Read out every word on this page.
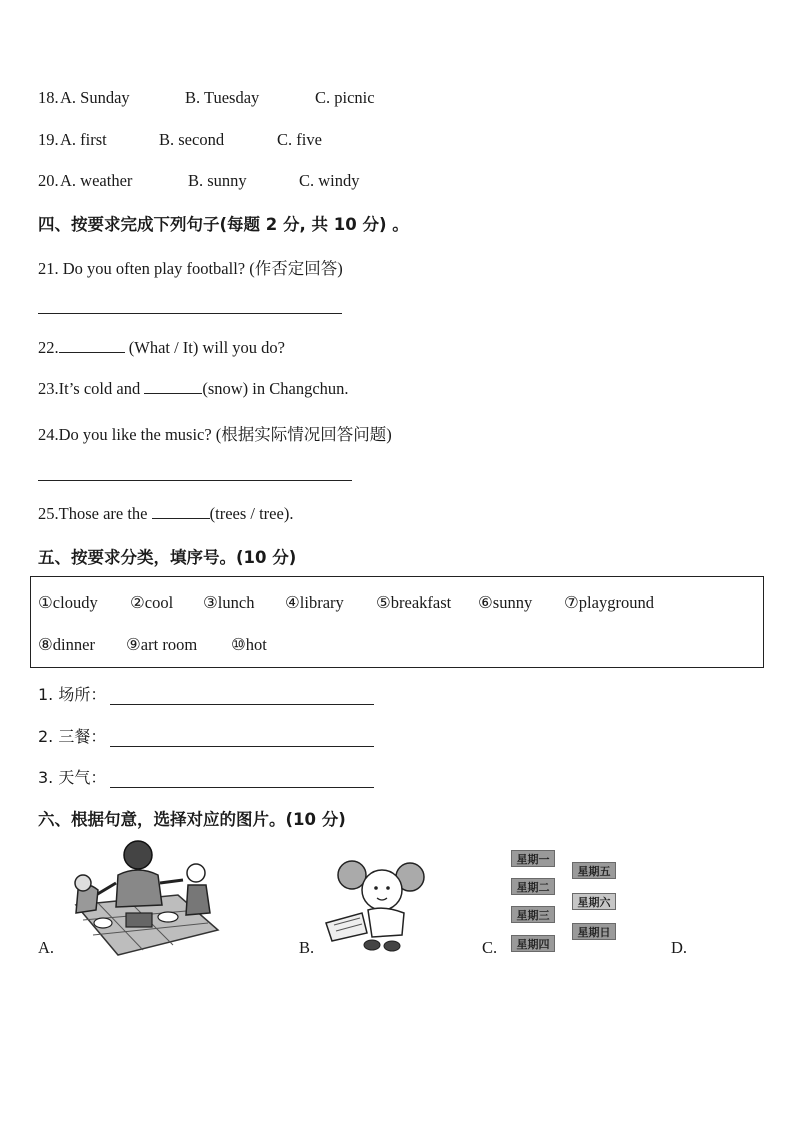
18. A. Sunday	B. Tuesday	C. picnic
19. A. first	B. second	C. five
20. A. weather	B. sunny	C. windy
四、按要求完成下列句子(每题 2 分, 共 10 分) 。
21. Do you often play football? (作否定回答)
22.	(What / It) will you do?
23.It’s cold and	(snow) in Changchun.
24.Do you like the music? (根据实际情况回答问题)
25.Those are the	(trees / tree).
五、按要求分类，填序号。(10 分)
①cloudy ②cool ③lunch ④library ⑤breakfast ⑥sunny ⑦playground
⑧dinner ⑨art room ⑩hot
1. 场所：
2. 三餐：
3. 天气：
六、根据句意，选择对应的图片。(10 分)
A.	B.	C.	D.
星期一
星期二
星期三
星期四
星期五
星期六
星期日
